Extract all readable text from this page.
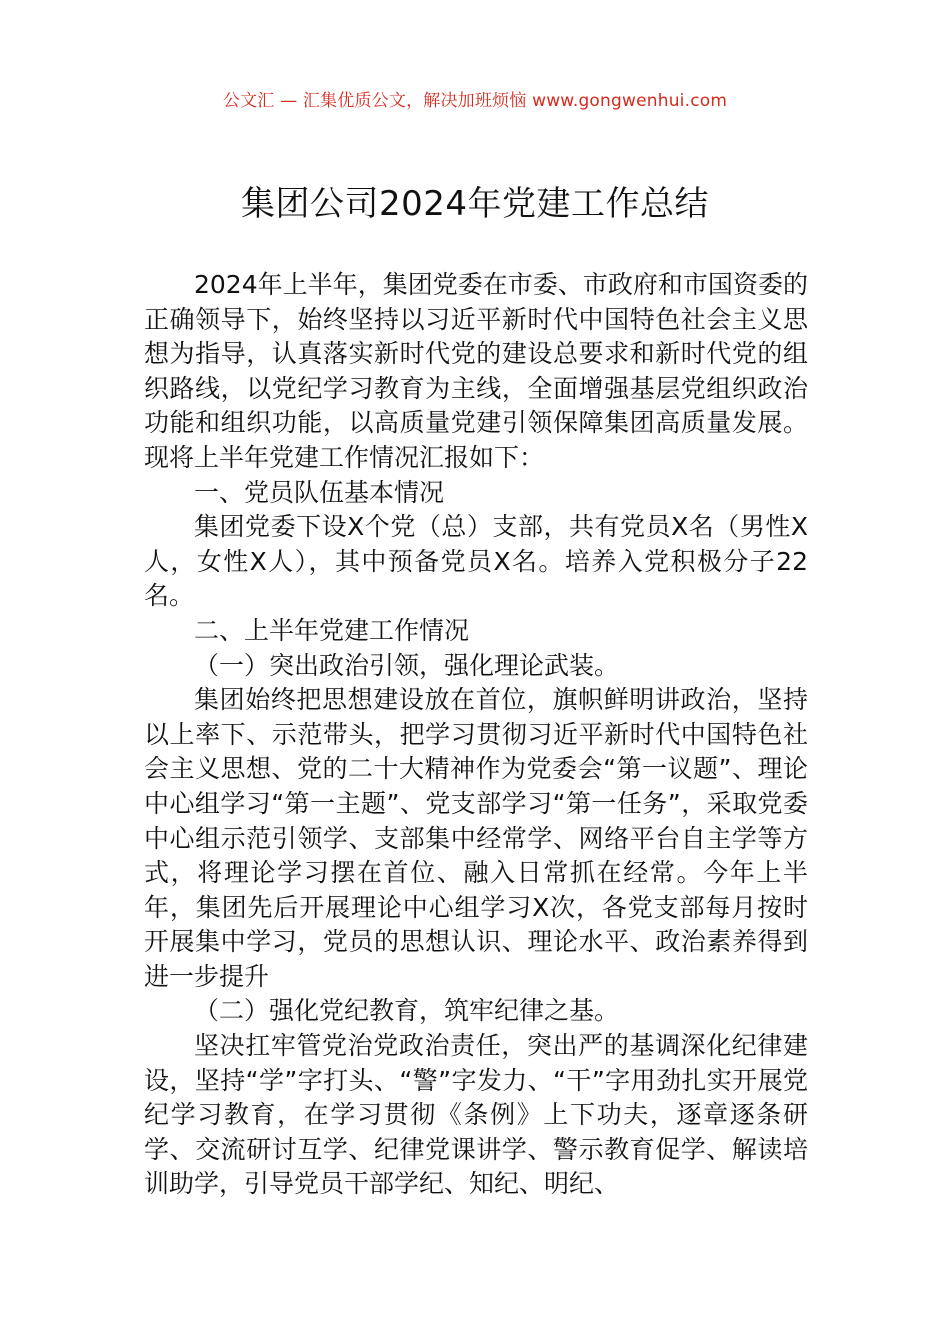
公文汇 — 汇集优质公文，解决加班烦恼 www.gongwenhui.com
集团公司2024年党建工作总结

2024年上半年，集团党委在市委、市政府和市国资委的正确领导下，始终坚持以习近平新时代中国特色社会主义思想为指导，认真落实新时代党的建设总要求和新时代党的组织路线，以党纪学习教育为主线，全面增强基层党组织政治功能和组织功能，以高质量党建引领保障集团高质量发展。现将上半年党建工作情况汇报如下：

一、党员队伍基本情况

集团党委下设X个党（总）支部，共有党员X名（男性X人，女性X人），其中预备党员X名。培养入党积极分子22名。

二、上半年党建工作情况

（一）突出政治引领，强化理论武装。

集团始终把思想建设放在首位，旗帜鲜明讲政治，坚持以上率下、示范带头，把学习贯彻习近平新时代中国特色社会主义思想、党的二十大精神作为党委会“第一议题”、理论中心组学习“第一主题”、党支部学习“第一任务”，采取党委中心组示范引领学、支部集中经常学、网络平台自主学等方式，将理论学习摆在首位、融入日常抓在经常。今年上半年，集团先后开展理论中心组学习X次，各党支部每月按时开展集中学习，党员的思想认识、理论水平、政治素养得到进一步提升

（二）强化党纪教育，筑牢纪律之基。

坚决扛牢管党治党政治责任，突出严的基调深化纪律建设，坚持“学”字打头、“警”字发力、“干”字用劲扎实开展党纪学习教育，在学习贯彻《条例》上下功夫，逐章逐条研学、交流研讨互学、纪律党课讲学、警示教育促学、解读培训助学，引导党员干部学纪、知纪、明纪、
